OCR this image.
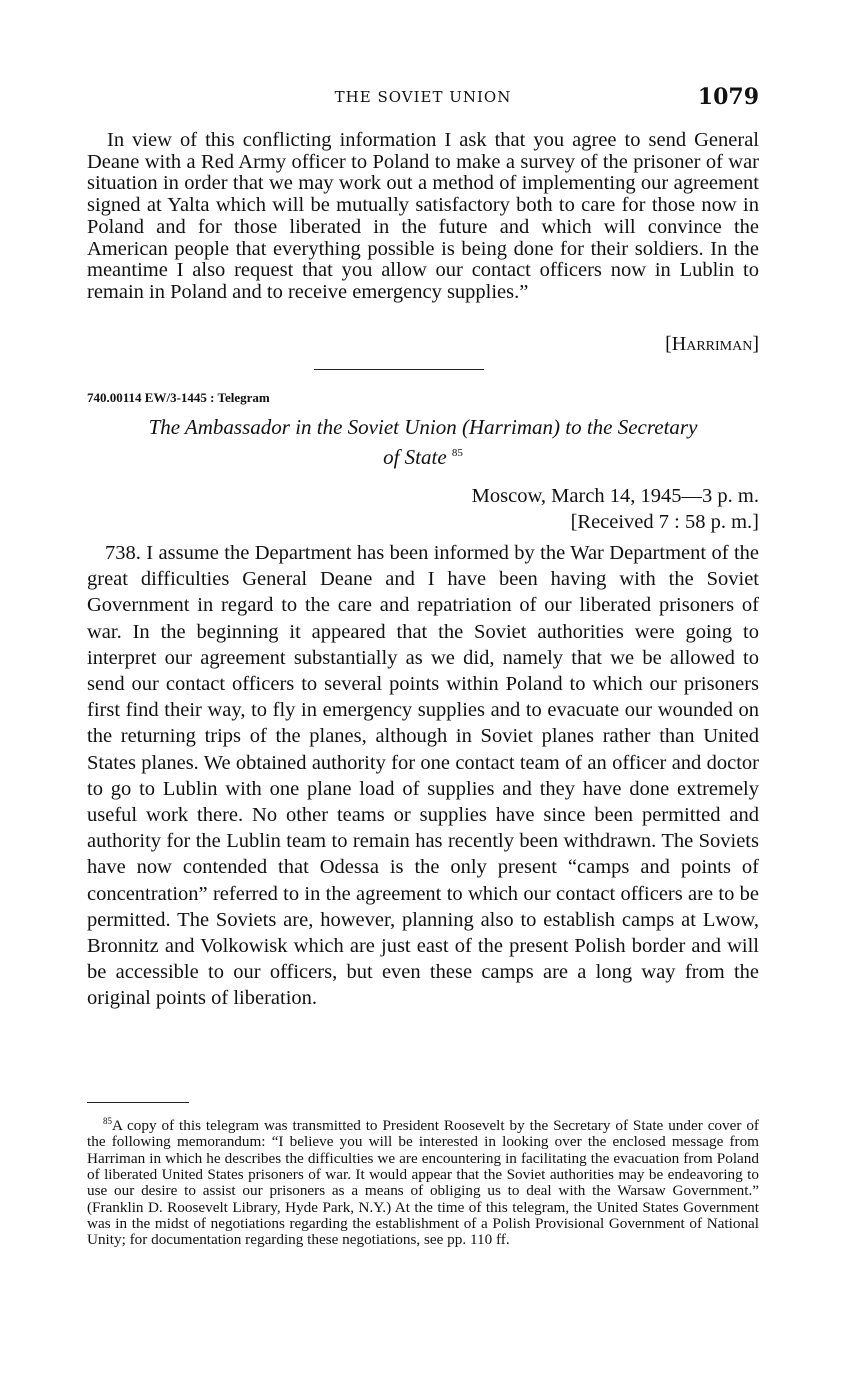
THE SOVIET UNION	1079

In view of this conflicting information I ask that you agree to send General Deane with a Red Army officer to Poland to make a survey of the prisoner of war situation in order that we may work out a method of implementing our agreement signed at Yalta which will be mutually satisfactory both to care for those now in Poland and for those liberated in the future and which will convince the American people that everything possible is being done for their soldiers. In the meantime I also request that you allow our contact officers now in Lublin to remain in Poland and to receive emergency supplies.”

[Harriman]
740.00114 EW/3-1445 : Telegram
The Ambassador in the Soviet Union (Harriman) to the Secretary
of State $^{85}$
Moscow, March 14, 1945—3 p. m.
[Received 7 : 58 p. m.]

738. I assume the Department has been informed by the War Department of the great difficulties General Deane and I have been having with the Soviet Government in regard to the care and repatriation of our liberated prisoners of war. In the beginning it appeared that the Soviet authorities were going to interpret our agreement substantially as we did, namely that we be allowed to send our contact officers to several points within Poland to which our prisoners first find their way, to fly in emergency supplies and to evacuate our wounded on the returning trips of the planes, although in Soviet planes rather than United States planes. We obtained authority for one contact team of an officer and doctor to go to Lublin with one plane load of supplies and they have done extremely useful work there. No other teams or supplies have since been permitted and authority for the Lublin team to remain has recently been withdrawn. The Soviets have now contended that Odessa is the only present “camps and points of concentration” referred to in the agreement to which our contact officers are to be permitted. The Soviets are, however, planning also to establish camps at Lwow, Bronnitz and Volkowisk which are just east of the present Polish border and will be accessible to our officers, but even these camps are a long way from the original points of liberation.

$^{85}$A copy of this telegram was transmitted to President Roosevelt by the Secretary of State under cover of the following memorandum: “I believe you will be interested in looking over the enclosed message from Harriman in which he describes the difficulties we are encountering in facilitating the evacuation from Poland of liberated United States prisoners of war. It would appear that the Soviet authorities may be endeavoring to use our desire to assist our prisoners as a means of obliging us to deal with the Warsaw Government.” (Franklin D. Roosevelt Library, Hyde Park, N.Y.) At the time of this telegram, the United States Government was in the midst of negotiations regarding the establishment of a Polish Provisional Government of National Unity; for documentation regarding these negotiations, see pp. 110 ff.
